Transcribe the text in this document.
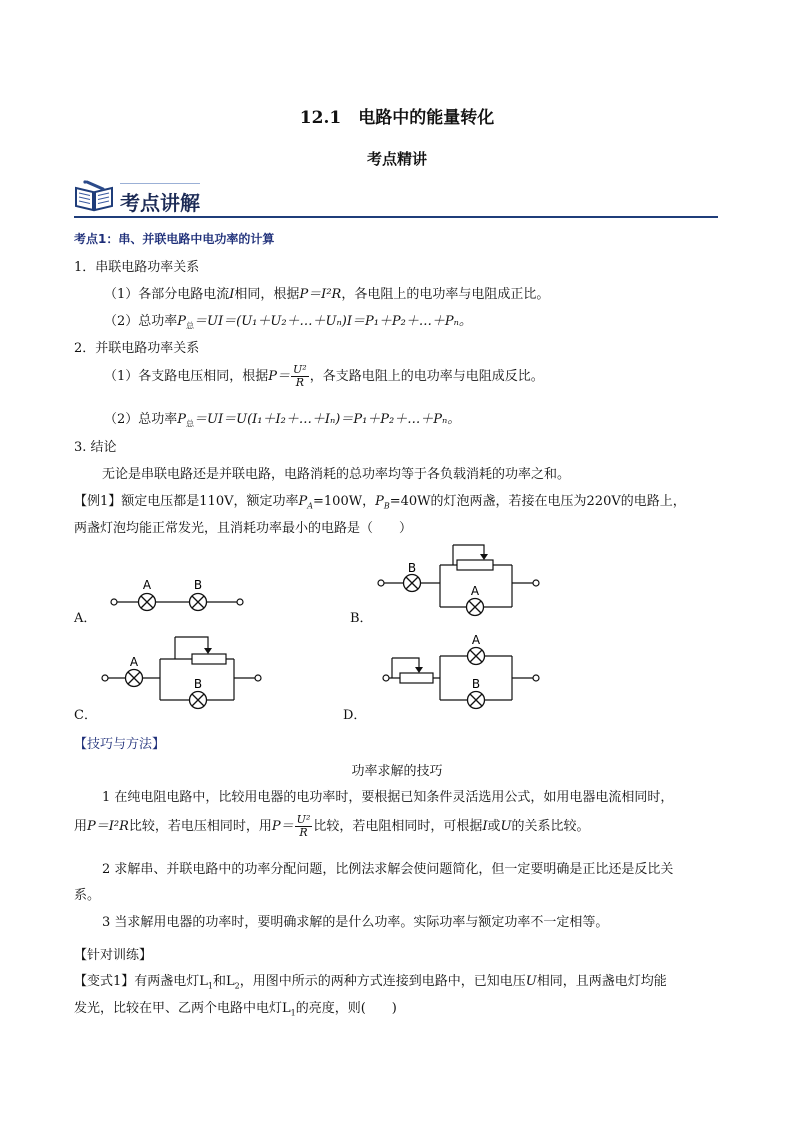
12.1　电路中的能量转化
考点精讲
考点讲解
考点1：串、并联电路中电功率的计算
1．串联电路功率关系
（1）各部分电路电流I相同，根据P＝I²R，各电阻上的电功率与电阻成正比。
（2）总功率$P_总=UI=(U_1+U_2+\dots+U_n)I=P_1+P_2+\dots+P_n$。
2．并联电路功率关系
（1）各支路电压相同，根据$P= \frac{\text{U²}}{R}$ ，各支路电阻上的电功率与电阻成反比。
（2）总功率$P_总=UI=U(I_1+I_2+\dots+I_n)=P_1+P_2+\dots+P_n$。
3. 结论
无论是串联电路还是并联电路，电路消耗的总功率均等于各负载消耗的功率之和。
【例1】额定电压都是110V，额定功率$P_A=100W$，$P_B=40W$的灯泡两盏，若接在电压为220V的电路上，
两盏灯泡均能正常发光，且消耗功率最小的电路是（　　）
A	B
B
A
A
B
A
B
A．	B．
C．	D．
【技巧与方法】
功率求解的技巧
1 在纯电阻电路中，比较用电器的电功率时，要根据已知条件灵活选用公式，如用电器电流相同时，
用P＝I²R比较，若电压相同时，用$P= \frac{\text{U²}}{R}$ 比较，若电阻相同时，可根据I或U的关系比较。
2 求解串、并联电路中的功率分配问题，比例法求解会使问题简化，但一定要明确是正比还是反比关
系。
3 当求解用电器的功率时，要明确求解的是什么功率。实际功率与额定功率不一定相等。
【针对训练】
【变式1】有两盏电灯$L_1$和$L_2$，用图中所示的两种方式连接到电路中，已知电压U相同，且两盏电灯均能
发光，比较在甲、乙两个电路中电灯$L_1$的亮度，则(　　)
